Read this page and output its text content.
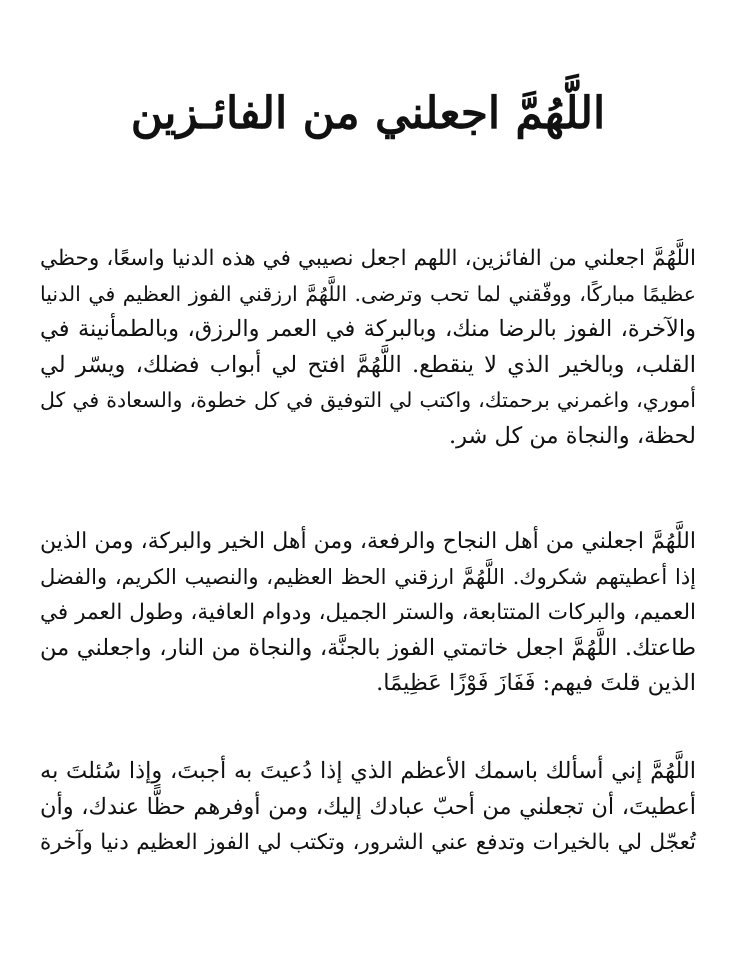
اللَّهُمَّ اجعلني من الفائـزين

اللَّهُمَّ اجعلني من الفائزين، اللهم اجعل نصيبي في هذه الدنيا واسعًا، وحظي
عظيمًا مباركًا، ووفّقني لما تحب وترضى. اللَّهُمَّ ارزقني الفوز العظيم في الدنيا
والآخرة، الفوز بالرضا منك، وبالبركة في العمر والرزق، وبالطمأنينة في
القلب، وبالخير الذي لا ينقطع. اللَّهُمَّ افتح لي أبواب فضلك، ويسّر لي
أموري، واغمرني برحمتك، واكتب لي التوفيق في كل خطوة، والسعادة في كل
لحظة، والنجاة من كل شر.

اللَّهُمَّ اجعلني من أهل النجاح والرفعة، ومن أهل الخير والبركة، ومن الذين
إذا أعطيتهم شكروك. اللَّهُمَّ ارزقني الحظ العظيم، والنصيب الكريم، والفضل
العميم، والبركات المتتابعة، والستر الجميل، ودوام العافية، وطول العمر في
طاعتك. اللَّهُمَّ اجعل خاتمتي الفوز بالجنَّة، والنجاة من النار، واجعلني من
الذين قلتَ فيهم: فَفَازَ فَوْزًا عَظِيمًا.

اللَّهُمَّ إني أسألك باسمك الأعظم الذي إذا دُعيتَ به أجبتَ، وإذا سُئلتَ به
أعطيتَ، أن تجعلني من أحبّ عبادك إليك، ومن أوفرهم حظًّا عندك، وأن
تُعجّل لي بالخيرات وتدفع عني الشرور، وتكتب لي الفوز العظيم دنيا وآخرة
